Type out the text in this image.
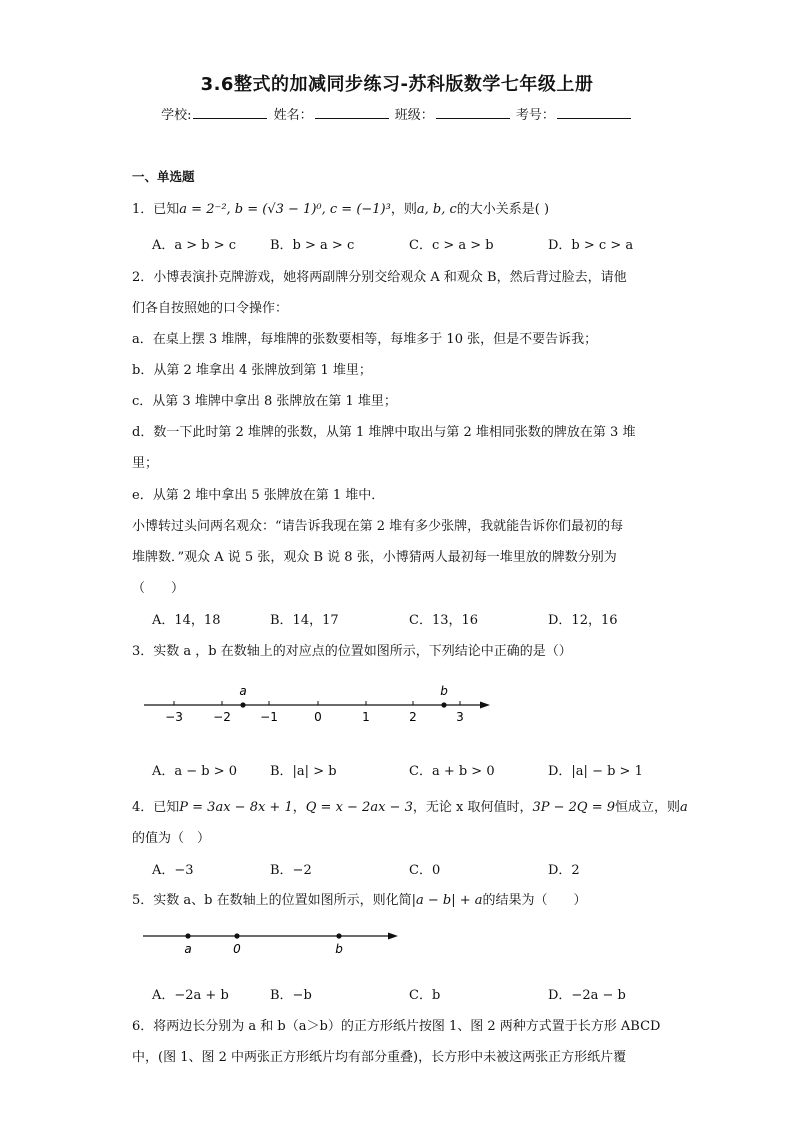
3.6整式的加减同步练习-苏科版数学七年级上册
学校:	姓名：	班级：	考号：
一、单选题
1．已知a = 2⁻², b = (√3 − 1)⁰, c = (−1)³，则a, b, c的大小关系是( )
A．a > b > c	B．b > a > c	C．c > a > b	D．b > c > a
2．小博表演扑克牌游戏，她将两副牌分别交给观众 A 和观众 B，然后背过脸去，请他
们各自按照她的口令操作：
a．在桌上摆 3 堆牌，每堆牌的张数要相等，每堆多于 10 张，但是不要告诉我；
b．从第 2 堆拿出 4 张牌放到第 1 堆里；
c．从第 3 堆牌中拿出 8 张牌放在第 1 堆里；
d．数一下此时第 2 堆牌的张数，从第 1 堆牌中取出与第 2 堆相同张数的牌放在第 3 堆
里；
e．从第 2 堆中拿出 5 张牌放在第 1 堆中．
小博转过头问两名观众：“请告诉我现在第 2 堆有多少张牌，我就能告诉你们最初的每
堆牌数．”观众 A 说 5 张，观众 B 说 8 张，小博猜两人最初每一堆里放的牌数分别为
（　　）
A．14，18	B．14，17	C．13，16	D．12，16
3．实数 a ，b 在数轴上的对应点的位置如图所示，下列结论中正确的是（）
−3	−2 −1	0	1	2	3
a	b
A．a − b > 0	B．|a| > b	C．a + b > 0	D．|a| − b > 1
4．已知P = 3ax − 8x + 1，Q = x − 2ax − 3，无论 x 取何值时，3P − 2Q = 9恒成立，则a
的值为（　）
A．−3	B．−2	C．0	D．2
5．实数 a、b 在数轴上的位置如图所示，则化简|a − b| + a的结果为（　　）
a	0	b
A．−2a + b	B．−b	C．b	D．−2a − b
6．将两边长分别为 a 和 b（a＞b）的正方形纸片按图 1、图 2 两种方式置于长方形 ABCD
中，(图 1、图 2 中两张正方形纸片均有部分重叠)，长方形中未被这两张正方形纸片覆
